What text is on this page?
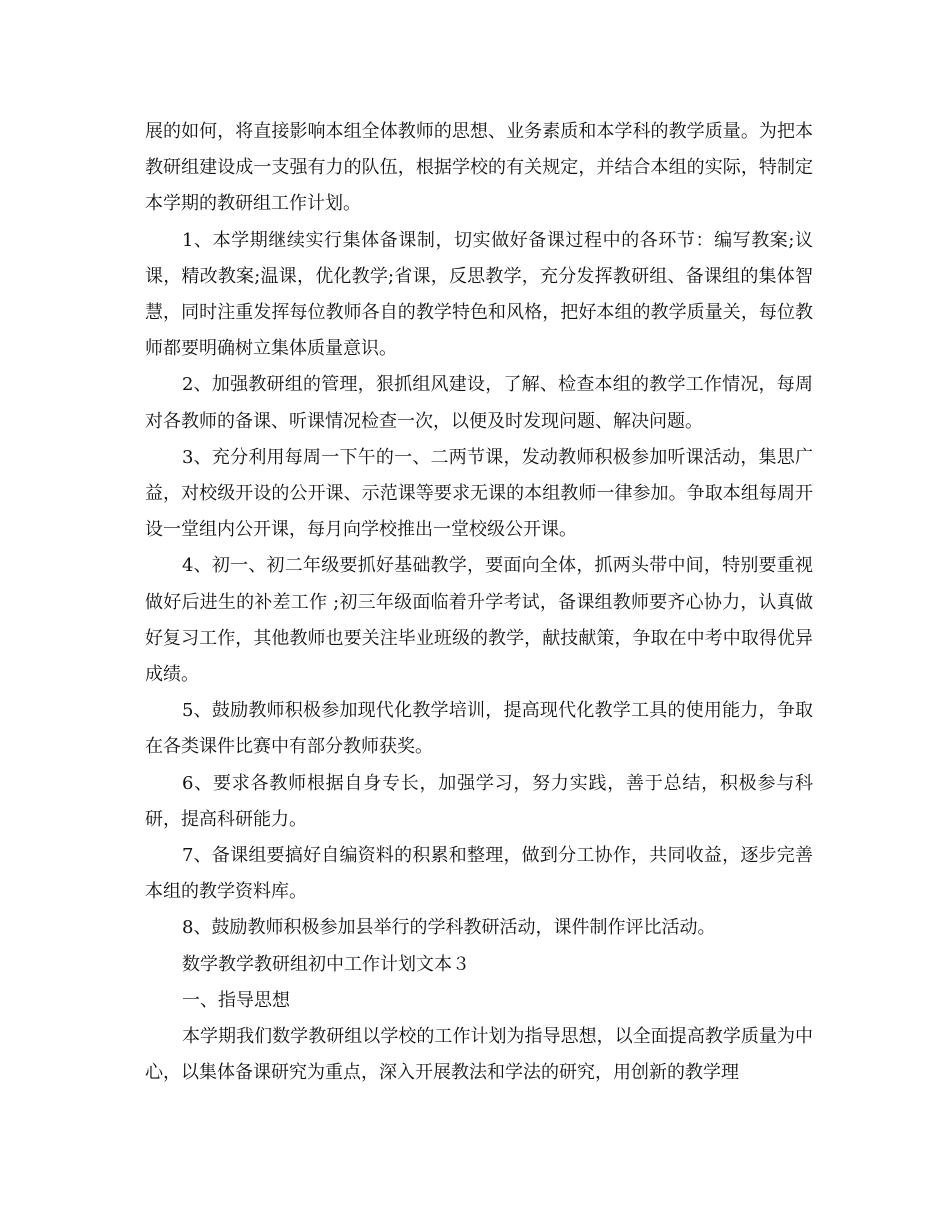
展的如何，将直接影响本组全体教师的思想、业务素质和本学科的教学质量。为把本教研组建设成一支强有力的队伍，根据学校的有关规定，并结合本组的实际，特制定本学期的教研组工作计划。

1、本学期继续实行集体备课制，切实做好备课过程中的各环节：编写教案;议课，精改教案;温课，优化教学;省课，反思教学，充分发挥教研组、备课组的集体智慧，同时注重发挥每位教师各自的教学特色和风格，把好本组的教学质量关，每位教师都要明确树立集体质量意识。

2、加强教研组的管理，狠抓组风建设，了解、检查本组的教学工作情况，每周对各教师的备课、听课情况检查一次，以便及时发现问题、解决问题。

3、充分利用每周一下午的一、二两节课，发动教师积极参加听课活动，集思广益，对校级开设的公开课、示范课等要求无课的本组教师一律参加。争取本组每周开设一堂组内公开课，每月向学校推出一堂校级公开课。

4、初一、初二年级要抓好基础教学，要面向全体，抓两头带中间，特别要重视做好后进生的补差工作 ;初三年级面临着升学考试，备课组教师要齐心协力，认真做好复习工作，其他教师也要关注毕业班级的教学，献技献策，争取在中考中取得优异成绩。

5、鼓励教师积极参加现代化教学培训，提高现代化教学工具的使用能力，争取在各类课件比赛中有部分教师获奖。

6、要求各教师根据自身专长，加强学习，努力实践，善于总结，积极参与科研，提高科研能力。

7、备课组要搞好自编资料的积累和整理，做到分工协作，共同收益，逐步完善本组的教学资料库。

8、鼓励教师积极参加县举行的学科教研活动，课件制作评比活动。

数学教学教研组初中工作计划文本３

一、指导思想

本学期我们数学教研组以学校的工作计划为指导思想，以全面提高教学质量为中心，以集体备课研究为重点，深入开展教法和学法的研究，用创新的教学理
